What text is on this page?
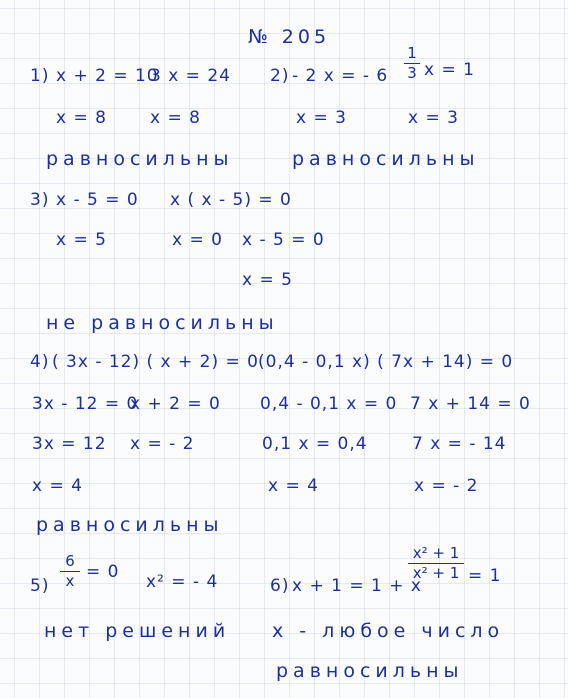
№ 205
1) x + 2 = 10
3 x = 24
x = 8	x = 8
равносильны
2) - 2 x = - 6
1
3 x = 1
x = 3	x = 3
равносильны
3) x - 5 = 0 x ( x - 5) = 0
x = 5	x = 0 x - 5 = 0
x = 5
не равносильны
4) ( 3x - 12) ( x + 2) = 0 (0,4 - 0,1 x) ( 7x + 14) = 0
3x - 12 = 0
x + 2 = 0
3x = 12 x = - 2
x = 4
0,4 - 0,1 x = 0 7 x + 14 = 0
0,1 x = 0,4	7 x = - 14
x = 4	x = - 2
равносильны
5)
6
x = 0 x² = - 4
нет решений
6) x + 1 = 1 + x
x² + 1
x² + 1 = 1
x - любое число
равносильны
